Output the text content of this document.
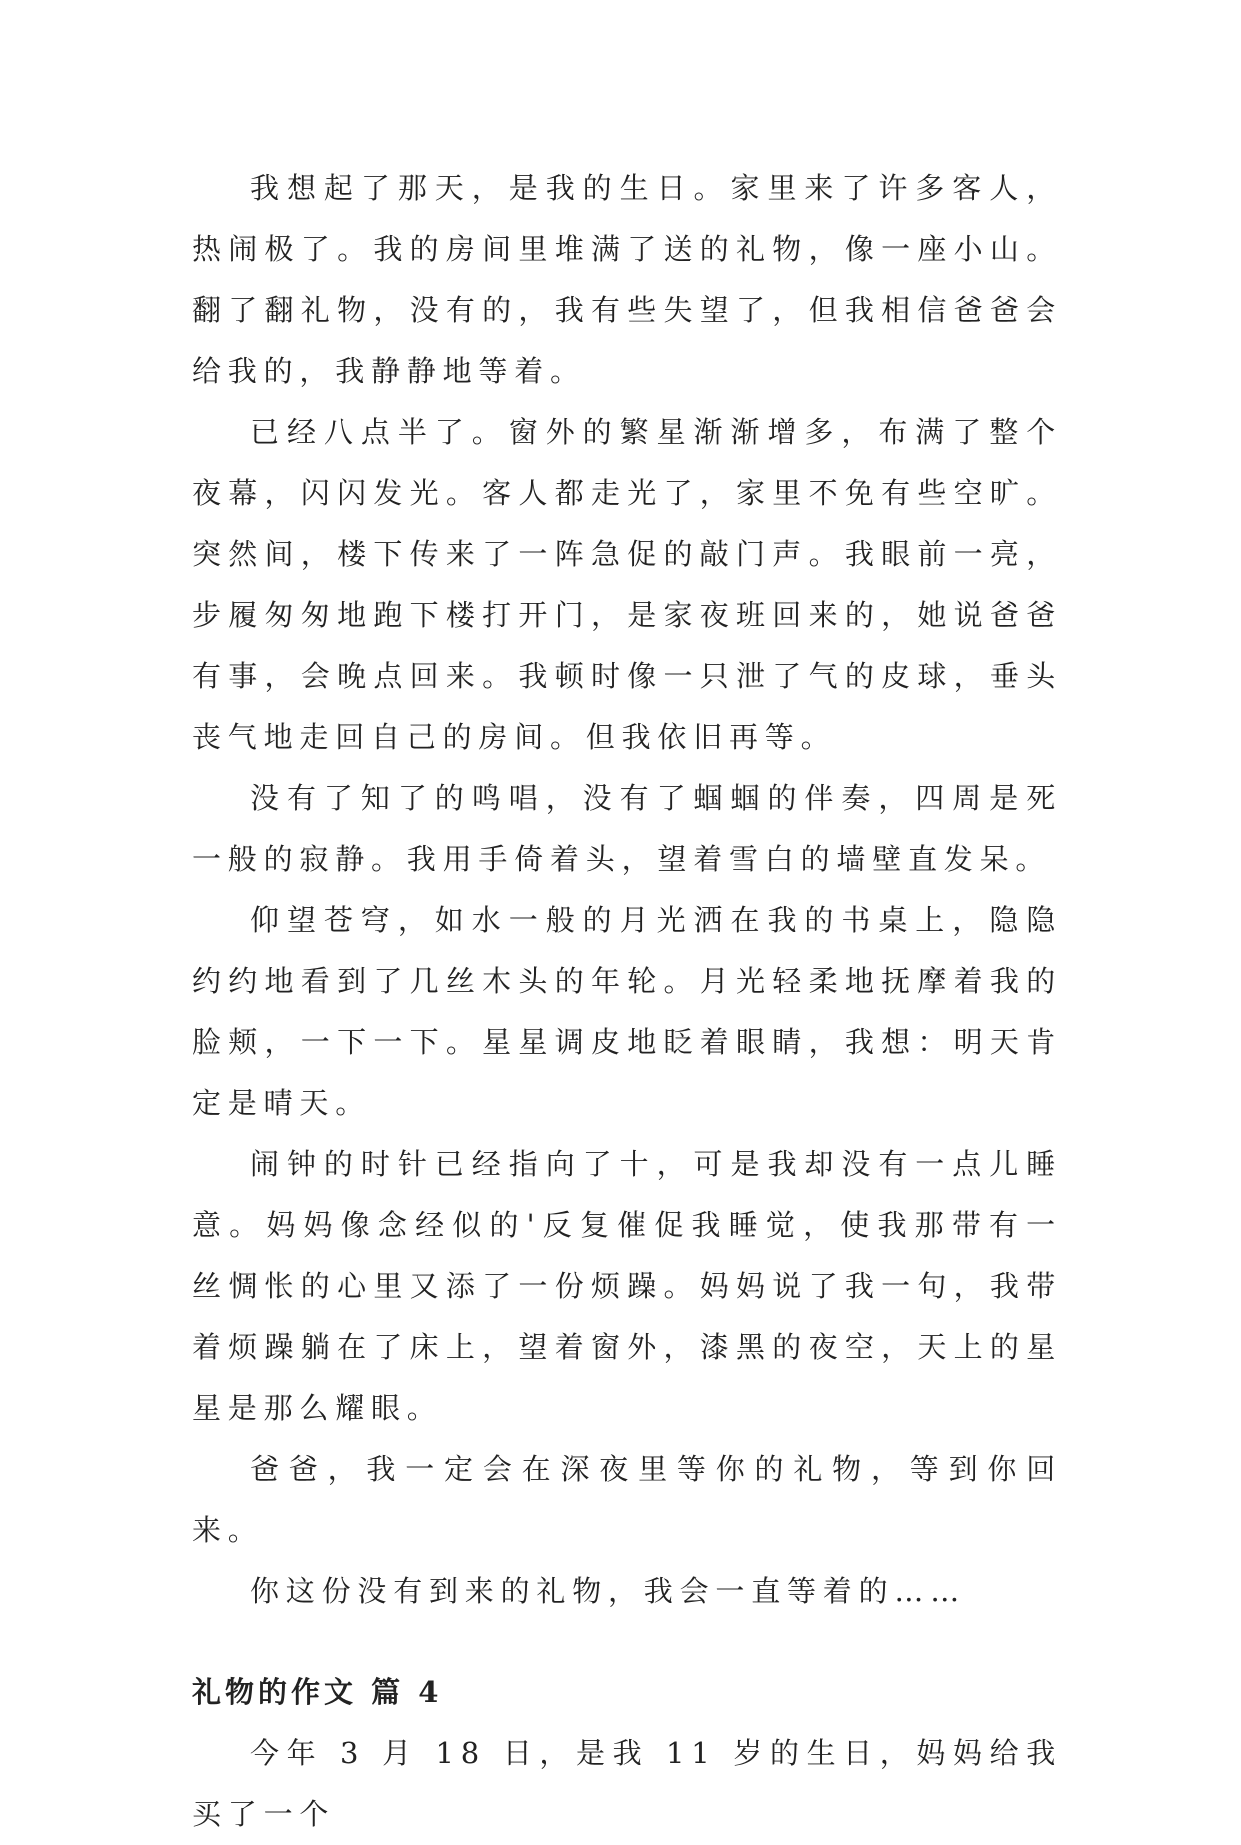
我想起了那天，是我的生日。家里来了许多客人，热闹极了。我的房间里堆满了送的礼物，像一座小山。翻了翻礼物，没有的，我有些失望了，但我相信爸爸会给我的，我静静地等着。

已经八点半了。窗外的繁星渐渐增多，布满了整个夜幕，闪闪发光。客人都走光了，家里不免有些空旷。突然间，楼下传来了一阵急促的敲门声。我眼前一亮，步履匆匆地跑下楼打开门，是家夜班回来的，她说爸爸有事，会晚点回来。我顿时像一只泄了气的皮球，垂头丧气地走回自己的房间。但我依旧再等。

没有了知了的鸣唱，没有了蝈蝈的伴奏，四周是死一般的寂静。我用手倚着头，望着雪白的墙壁直发呆。

仰望苍穹，如水一般的月光洒在我的书桌上，隐隐约约地看到了几丝木头的年轮。月光轻柔地抚摩着我的脸颊，一下一下。星星调皮地眨着眼睛，我想：明天肯定是晴天。

闹钟的时针已经指向了十，可是我却没有一点儿睡意。妈妈像念经似的'反复催促我睡觉，使我那带有一丝惆怅的心里又添了一份烦躁。妈妈说了我一句，我带着烦躁躺在了床上，望着窗外，漆黑的夜空，天上的星星是那么耀眼。

爸爸，我一定会在深夜里等你的礼物，等到你回来。

你这份没有到来的礼物，我会一直等着的……

礼物的作文 篇 4

今年 3 月 18 日，是我 11 岁的生日，妈妈给我买了一个
